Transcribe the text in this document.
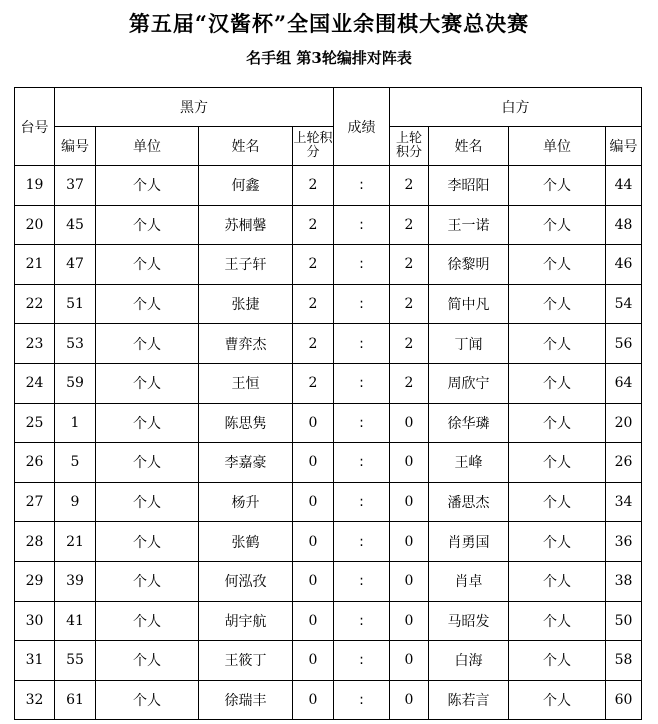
第五届“汉酱杯”全国业余围棋大赛总决赛
名手组 第3轮编排对阵表
台号	黑方				成绩	白方			
	编号	单位	姓名	上轮积分		上轮积分	姓名	单位	编号
19	37	个人	何鑫	2	:	2	李昭阳	个人	44
20	45	个人	苏桐馨	2	:	2	王一诺	个人	48
21	47	个人	王子轩	2	:	2	徐黎明	个人	46
22	51	个人	张捷	2	:	2	简中凡	个人	54
23	53	个人	曹弈杰	2	:	2	丁闻	个人	56
24	59	个人	王恒	2	:	2	周欣宁	个人	64
25	1	个人	陈思隽	0	:	0	徐华璘	个人	20
26	5	个人	李嘉豪	0	:	0	王峰	个人	26
27	9	个人	杨升	0	:	0	潘思杰	个人	34
28	21	个人	张鹤	0	:	0	肖勇国	个人	36
29	39	个人	何泓孜	0	:	0	肖卓	个人	38
30	41	个人	胡宇航	0	:	0	马昭发	个人	50
31	55	个人	王筱丁	0	:	0	白海	个人	58
32	61	个人	徐瑞丰	0	:	0	陈若言	个人	60
